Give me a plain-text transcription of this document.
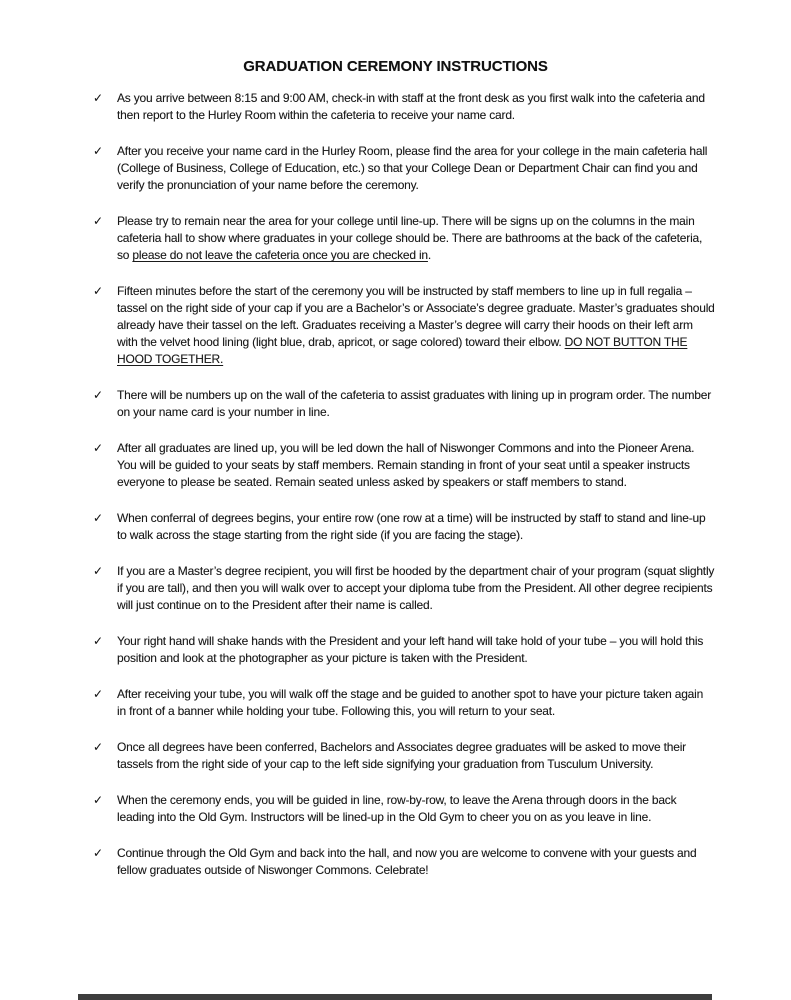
GRADUATION CEREMONY INSTRUCTIONS
✓	As you arrive between 8:15 and 9:00 AM, check-in with staff at the front desk as you first walk into the cafeteria and then report to the Hurley Room within the cafeteria to receive your name card.
✓	After you receive your name card in the Hurley Room, please find the area for your college in the main cafeteria hall (College of Business, College of Education, etc.) so that your College Dean or Department Chair can find you and verify the pronunciation of your name before the ceremony.
✓	Please try to remain near the area for your college until line-up. There will be signs up on the columns in the main cafeteria hall to show where graduates in your college should be. There are bathrooms at the back of the cafeteria, so please do not leave the cafeteria once you are checked in.
✓	Fifteen minutes before the start of the ceremony you will be instructed by staff members to line up in full regalia – tassel on the right side of your cap if you are a Bachelor’s or Associate’s degree graduate. Master’s graduates should already have their tassel on the left. Graduates receiving a Master’s degree will carry their hoods on their left arm with the velvet hood lining (light blue, drab, apricot, or sage colored) toward their elbow. DO NOT BUTTON THE HOOD TOGETHER.
✓	There will be numbers up on the wall of the cafeteria to assist graduates with lining up in program order. The number on your name card is your number in line.
✓	After all graduates are lined up, you will be led down the hall of Niswonger Commons and into the Pioneer Arena. You will be guided to your seats by staff members. Remain standing in front of your seat until a speaker instructs everyone to please be seated. Remain seated unless asked by speakers or staff members to stand.
✓	When conferral of degrees begins, your entire row (one row at a time) will be instructed by staff to stand and line-up to walk across the stage starting from the right side (if you are facing the stage).
✓	If you are a Master’s degree recipient, you will first be hooded by the department chair of your program (squat slightly if you are tall), and then you will walk over to accept your diploma tube from the President. All other degree recipients will just continue on to the President after their name is called.
✓	Your right hand will shake hands with the President and your left hand will take hold of your tube – you will hold this position and look at the photographer as your picture is taken with the President.
✓	After receiving your tube, you will walk off the stage and be guided to another spot to have your picture taken again in front of a banner while holding your tube. Following this, you will return to your seat.
✓	Once all degrees have been conferred, Bachelors and Associates degree graduates will be asked to move their tassels from the right side of your cap to the left side signifying your graduation from Tusculum University.
✓	When the ceremony ends, you will be guided in line, row-by-row, to leave the Arena through doors in the back leading into the Old Gym. Instructors will be lined-up in the Old Gym to cheer you on as you leave in line.
✓	Continue through the Old Gym and back into the hall, and now you are welcome to convene with your guests and fellow graduates outside of Niswonger Commons. Celebrate!
